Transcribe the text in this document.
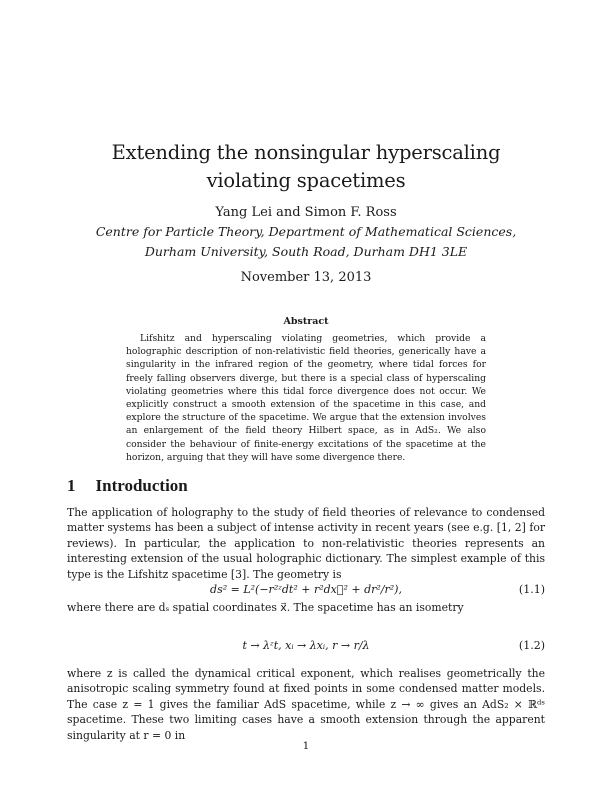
Extending the nonsingular hyperscaling violating spacetimes
Yang Lei and Simon F. Ross
Centre for Particle Theory, Department of Mathematical Sciences,
Durham University, South Road, Durham DH1 3LE
November 13, 2013
Abstract

Lifshitz and hyperscaling violating geometries, which provide a holographic description of non-relativistic field theories, generically have a singularity in the infrared region of the geometry, where tidal forces for freely falling observers diverge, but there is a special class of hyperscaling violating geometries where this tidal force divergence does not occur. We explicitly construct a smooth extension of the spacetime in this case, and explore the structure of the spacetime. We argue that the extension involves an enlargement of the field theory Hilbert space, as in AdS₂. We also consider the behaviour of finite-energy excitations of the spacetime at the horizon, arguing that they will have some divergence there.

1 Introduction

The application of holography to the study of field theories of relevance to condensed matter systems has been a subject of intense activity in recent years (see e.g. [1, 2] for reviews). In particular, the application to non-relativistic theories represents an interesting extension of the usual holographic dictionary. The simplest example of this type is the Lifshitz spacetime [3]. The geometry is

ds² = L²(−r²ᶻdt² + r²dx⃗² + dr²/r²),	(1.1)

where there are dₛ spatial coordinates x⃗. The spacetime has an isometry

t → λᶻt, xᵢ → λxᵢ, r → r/λ	(1.2)

where z is called the dynamical critical exponent, which realises geometrically the anisotropic scaling symmetry found at fixed points in some condensed matter models. The case z = 1 gives the familiar AdS spacetime, while z → ∞ gives an AdS₂ × ℝᵈˢ spacetime. These two limiting cases have a smooth extension through the apparent singularity at r = 0 in

1
